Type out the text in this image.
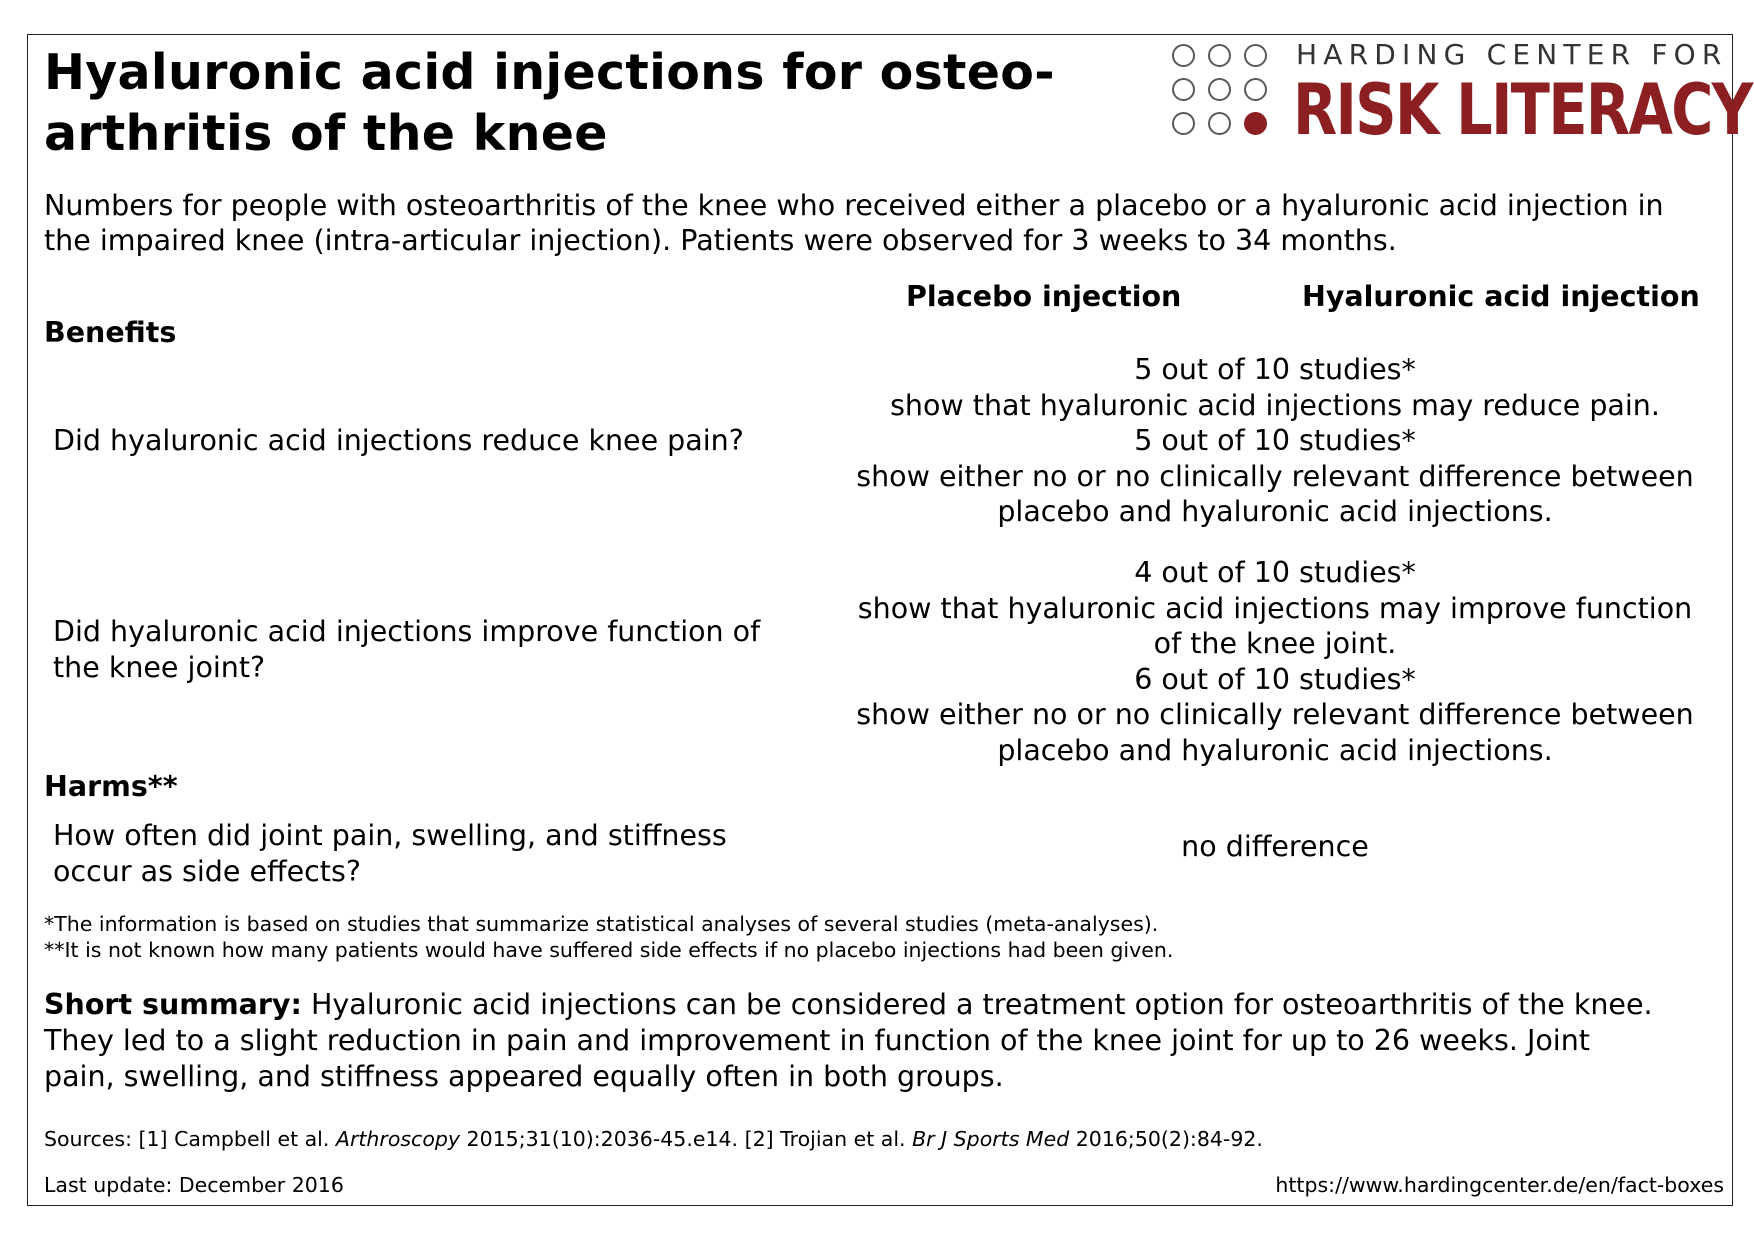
Hyaluronic acid injections for osteo-
arthritis of the knee
HARDING CENTER FOR
RISK LITERACY
Numbers for people with osteoarthritis of the knee who received either a placebo or a hyaluronic acid injection in
the impaired knee (intra-articular injection). Patients were observed for 3 weeks to 34 months.
Placebo injection	Hyaluronic acid injection
Benefits
Did hyaluronic acid injections reduce knee pain?
5 out of 10 studies*
show that hyaluronic acid injections may reduce pain.
5 out of 10 studies*
show either no or no clinically relevant difference between
placebo and hyaluronic acid injections.
Did hyaluronic acid injections improve function of
the knee joint?
4 out of 10 studies*
show that hyaluronic acid injections may improve function
of the knee joint.
6 out of 10 studies*
show either no or no clinically relevant difference between
placebo and hyaluronic acid injections.
Harms**
How often did joint pain, swelling, and stiffness
occur as side effects?
no difference
*The information is based on studies that summarize statistical analyses of several studies (meta-analyses).
**It is not known how many patients would have suffered side effects if no placebo injections had been given.
Short summary: Hyaluronic acid injections can be considered a treatment option for osteoarthritis of the knee.
They led to a slight reduction in pain and improvement in function of the knee joint for up to 26 weeks. Joint
pain, swelling, and stiffness appeared equally often in both groups.
Sources: [1] Campbell et al. Arthroscopy 2015;31(10):2036-45.e14. [2] Trojian et al. Br J Sports Med 2016;50(2):84-92.
Last update: December 2016	https://www.hardingcenter.de/en/fact-boxes
